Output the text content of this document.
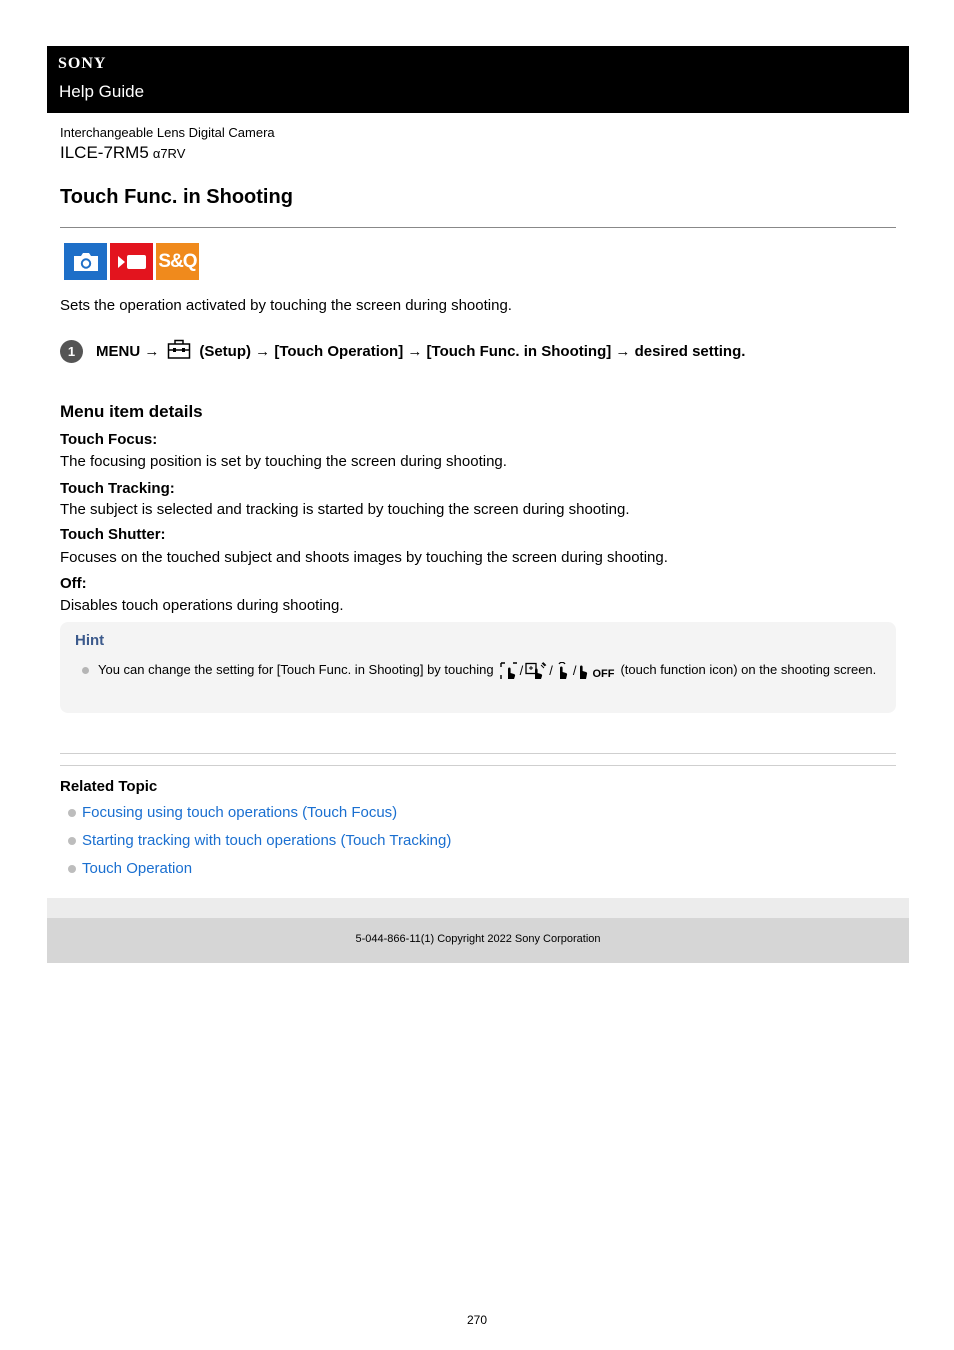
SONY
Help Guide
Interchangeable Lens Digital Camera
ILCE-7RM5 α7RV
Touch Func. in Shooting
S&Q
Sets the operation activated by touching the screen during shooting.
1	MENU →	(Setup) → [Touch Operation] → [Touch Func. in Shooting] → desired setting.
Menu item details
Touch Focus:
The focusing position is set by touching the screen during shooting.
Touch Tracking:
The subject is selected and tracking is started by touching the screen during shooting.
Touch Shutter:
Focuses on the touched subject and shoots images by touching the screen during shooting.
Off:
Disables touch operations during shooting.
Hint
You can change the setting for [Touch Func. in Shooting] by touching / / / OFF (touch function icon) on the shooting screen.
Related Topic
Focusing using touch operations (Touch Focus)
Starting tracking with touch operations (Touch Tracking)
Touch Operation
5-044-866-11(1) Copyright 2022 Sony Corporation
270
